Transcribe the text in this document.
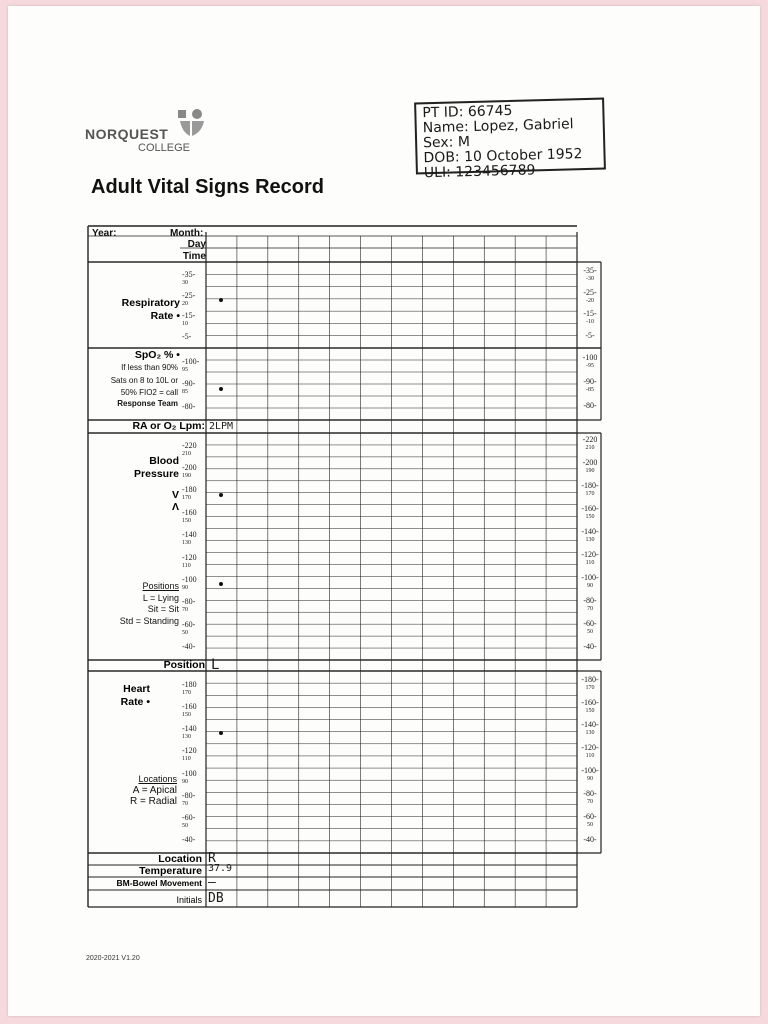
NORQUEST
COLLEGE
Adult Vital Signs Record
PT ID: 66745
Name: Lopez, Gabriel
Sex: M
DOB: 10 October 1952
ULI: 123456789
Year:	Month:
Day
Time
Respiratory
Rate •
-35-
30
-25-
20
-15-
10
-5-
-35-
-30
-25-
-20
-15-
-10
-5-
SpO₂ % •
If less than 90%
Sats on 8 to 10L or
50% FIO2 = call
Response Team
-100-
95
-90-
85
-80-
-100
-95
-90-
-85
-80-
RA or O₂ Lpm: 2LPM
Blood
Pressure
V
Λ
Positions
L = Lying
Sit = Sit
Std = Standing
-220
210
-200
190
-180
170
-160
150
-140
130
-120
110
-100
90
-80-
70
-60-
50
-40-
-220
210
-200
190
-180-
170
-160-
150
-140-
130
-120-
110
-100-
90
-80-
70
-60-
50
-40-
Position L
Heart
Rate •
Locations
A = Apical
R = Radial
-180
170
-160
150
-140
130
-120
110
-100
90
-80-
70
-60-
50
-40-
-180-
170
-160-
150
-140-
130
-120-
110
-100-
90
-80-
70
-60-
50
-40-
Location R
Temperature 37.9
BM-Bowel Movement —
Initials DB
2020-2021 V1.20
